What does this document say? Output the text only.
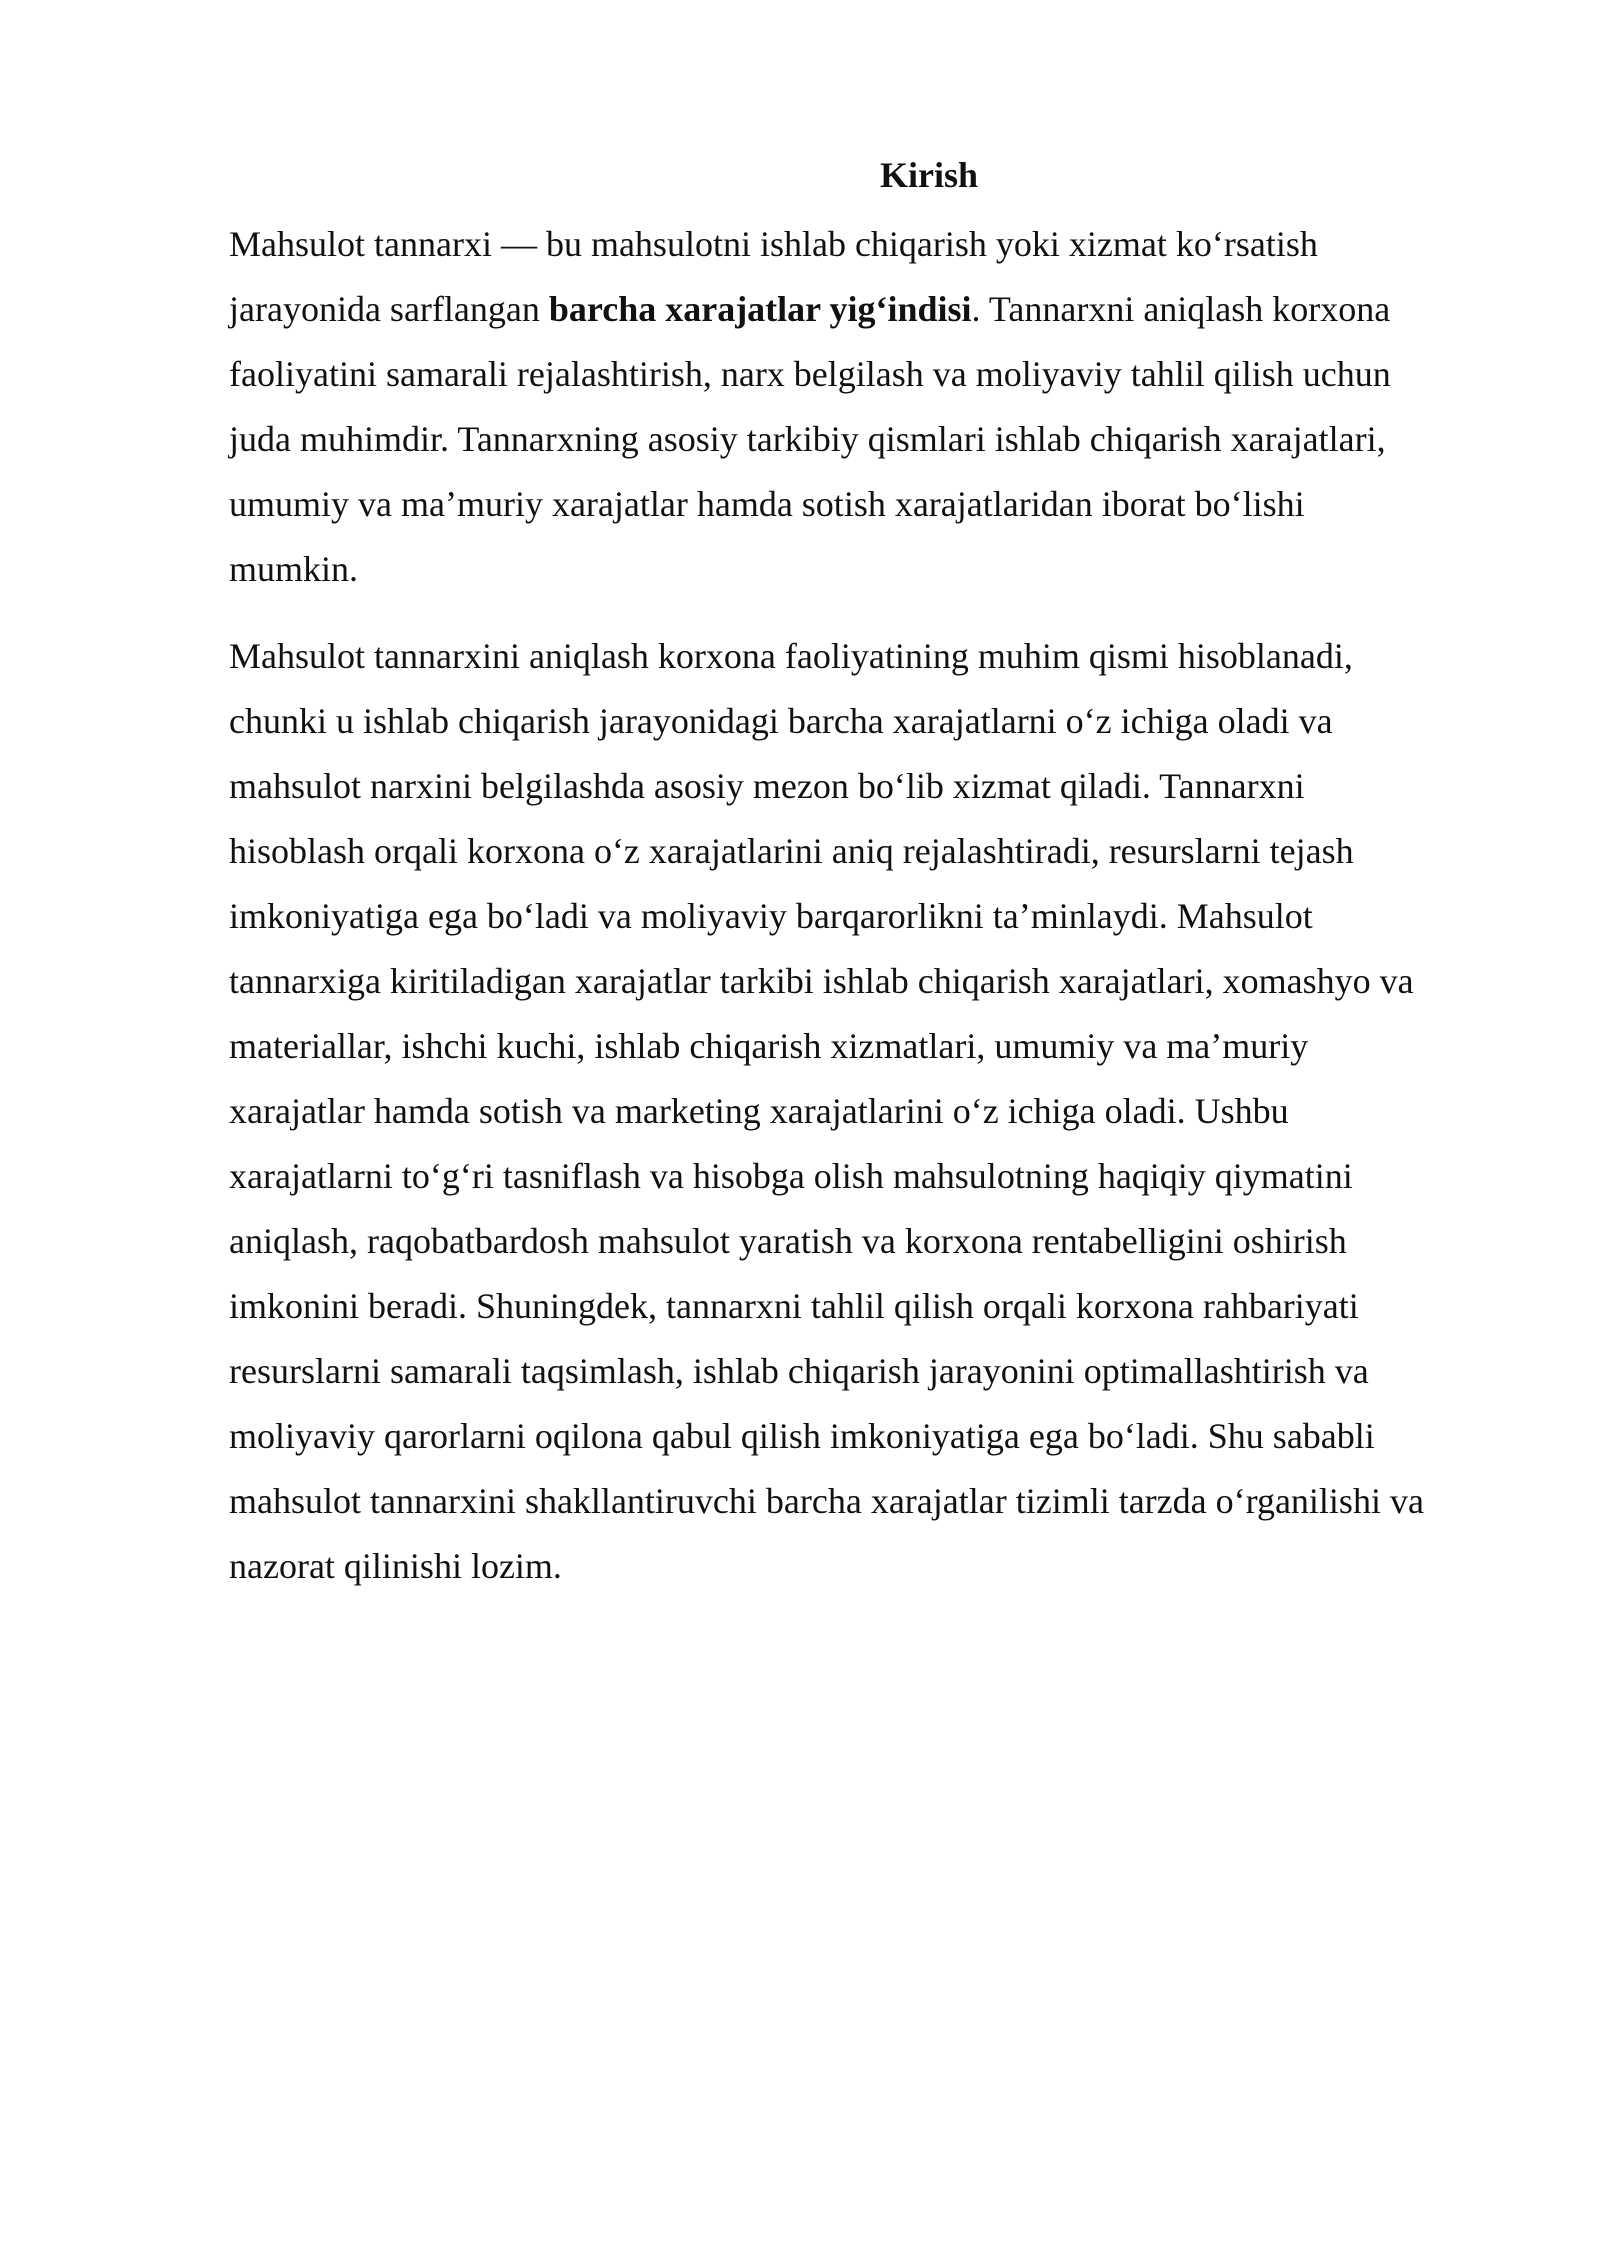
Kirish

Mahsulot tannarxi — bu mahsulotni ishlab chiqarish yoki xizmat koʻrsatish
jarayonida sarflangan barcha xarajatlar yigʻindisi. Tannarxni aniqlash korxona
faoliyatini samarali rejalashtirish, narx belgilash va moliyaviy tahlil qilish uchun
juda muhimdir. Tannarxning asosiy tarkibiy qismlari ishlab chiqarish xarajatlari,
umumiy va maʼmuriy xarajatlar hamda sotish xarajatlaridan iborat boʻlishi
mumkin.

Mahsulot tannarxini aniqlash korxona faoliyatining muhim qismi hisoblanadi,
chunki u ishlab chiqarish jarayonidagi barcha xarajatlarni oʻz ichiga oladi va
mahsulot narxini belgilashda asosiy mezon boʻlib xizmat qiladi. Tannarxni
hisoblash orqali korxona oʻz xarajatlarini aniq rejalashtiradi, resurslarni tejash
imkoniyatiga ega boʻladi va moliyaviy barqarorlikni taʼminlaydi. Mahsulot
tannarxiga kiritiladigan xarajatlar tarkibi ishlab chiqarish xarajatlari, xomashyo va
materiallar, ishchi kuchi, ishlab chiqarish xizmatlari, umumiy va maʼmuriy
xarajatlar hamda sotish va marketing xarajatlarini oʻz ichiga oladi. Ushbu
xarajatlarni toʻgʻri tasniflash va hisobga olish mahsulotning haqiqiy qiymatini
aniqlash, raqobatbardosh mahsulot yaratish va korxona rentabelligini oshirish
imkonini beradi. Shuningdek, tannarxni tahlil qilish orqali korxona rahbariyati
resurslarni samarali taqsimlash, ishlab chiqarish jarayonini optimallashtirish va
moliyaviy qarorlarni oqilona qabul qilish imkoniyatiga ega boʻladi. Shu sababli
mahsulot tannarxini shakllantiruvchi barcha xarajatlar tizimli tarzda oʻrganilishi va
nazorat qilinishi lozim.
